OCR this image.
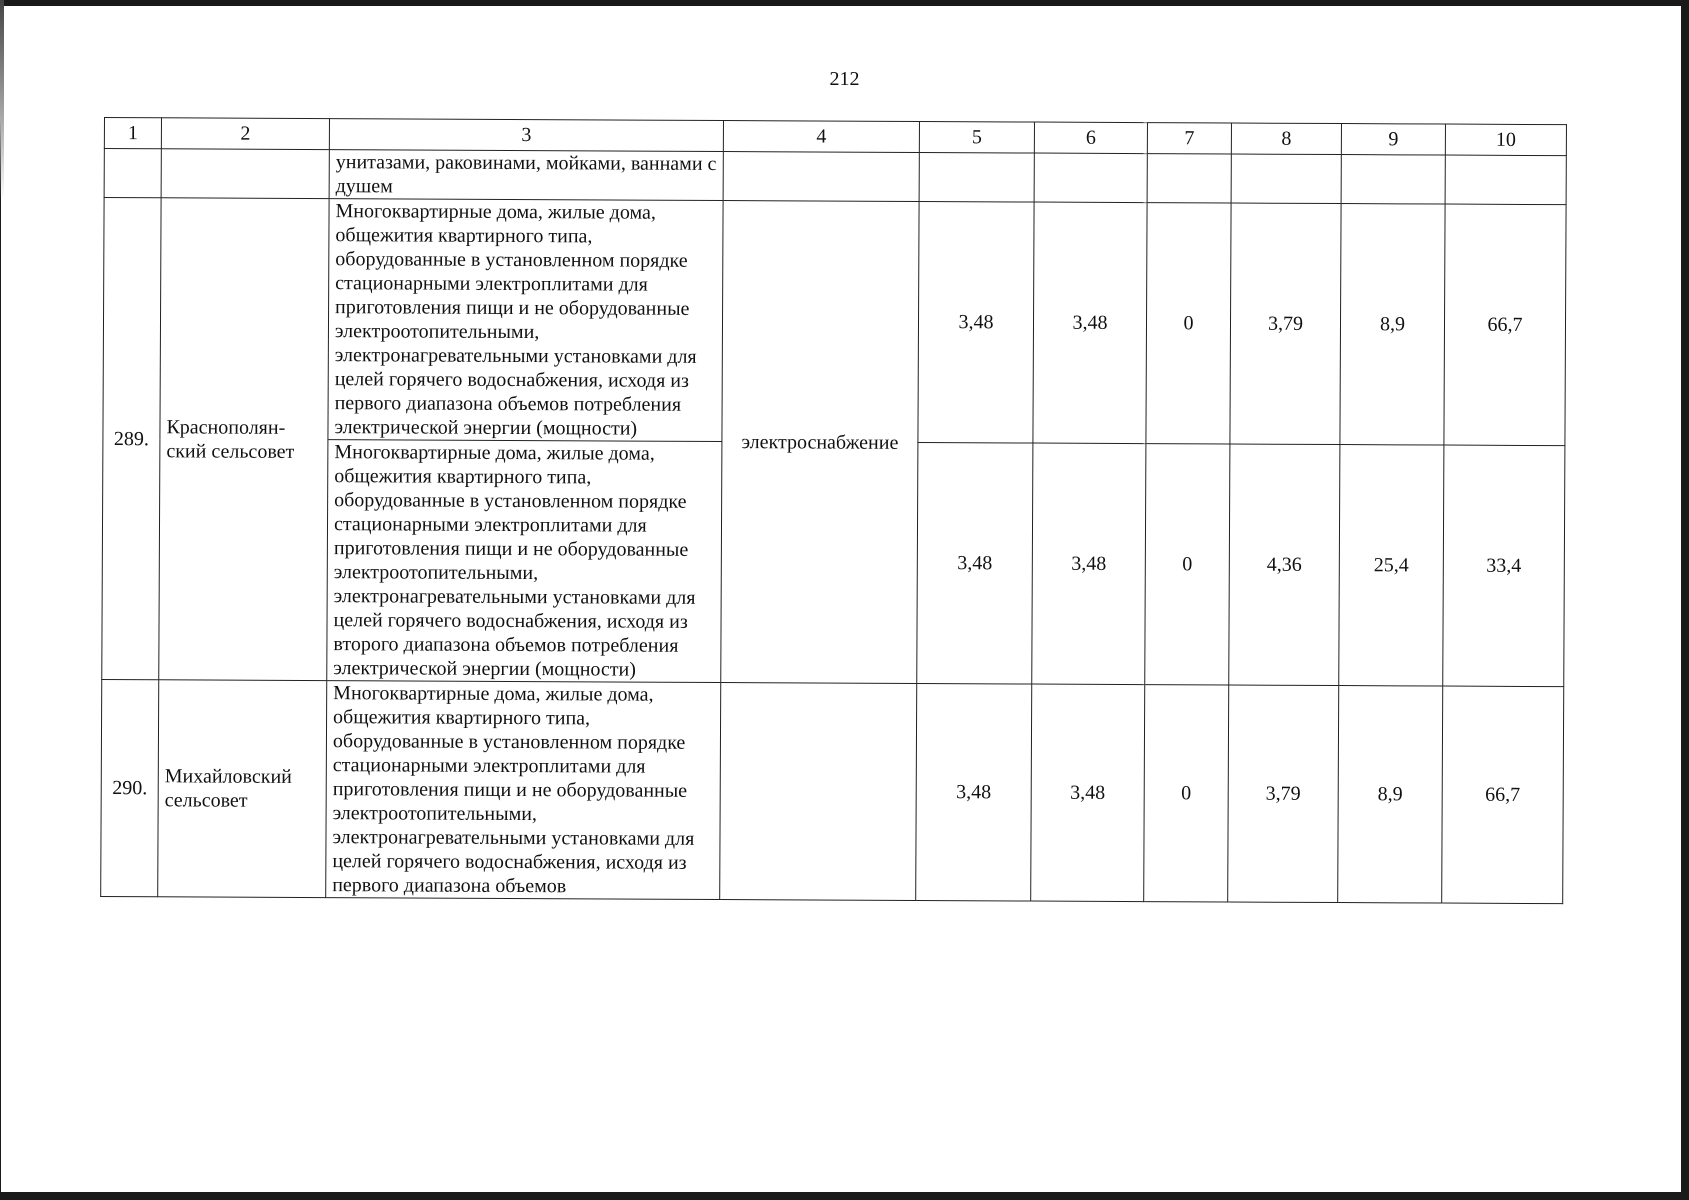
212
1	2	3	4	5	6	7	8	9	10
		унитазами, раковинами, мойками, ваннами с душем							
289.	Краснополян-ский сельсовет	Многоквартирные дома, жилые дома, общежития квартирного типа, оборудованные в установленном порядке стационарными электроплитами для приготовления пищи и не оборудованные электроотопительными, электронагревательными установками для целей горячего водоснабжения, исходя из первого диапазона объемов потребления электрической энергии (мощности)	электроснабжение	3,48	3,48	0	3,79	8,9	66,7
		Многоквартирные дома, жилые дома, общежития квартирного типа, оборудованные в установленном порядке стационарными электроплитами для приготовления пищи и не оборудованные электроотопительными, электронагревательными установками для целей горячего водоснабжения, исходя из второго диапазона объемов потребления электрической энергии (мощности)		3,48	3,48	0	4,36	25,4	33,4
290.	Михайловский сельсовет	Многоквартирные дома, жилые дома, общежития квартирного типа, оборудованные в установленном порядке стационарными электроплитами для приготовления пищи и не оборудованные электроотопительными, электронагревательными установками для целей горячего водоснабжения, исходя из первого диапазона объемов		3,48	3,48	0	3,79	8,9	66,7
